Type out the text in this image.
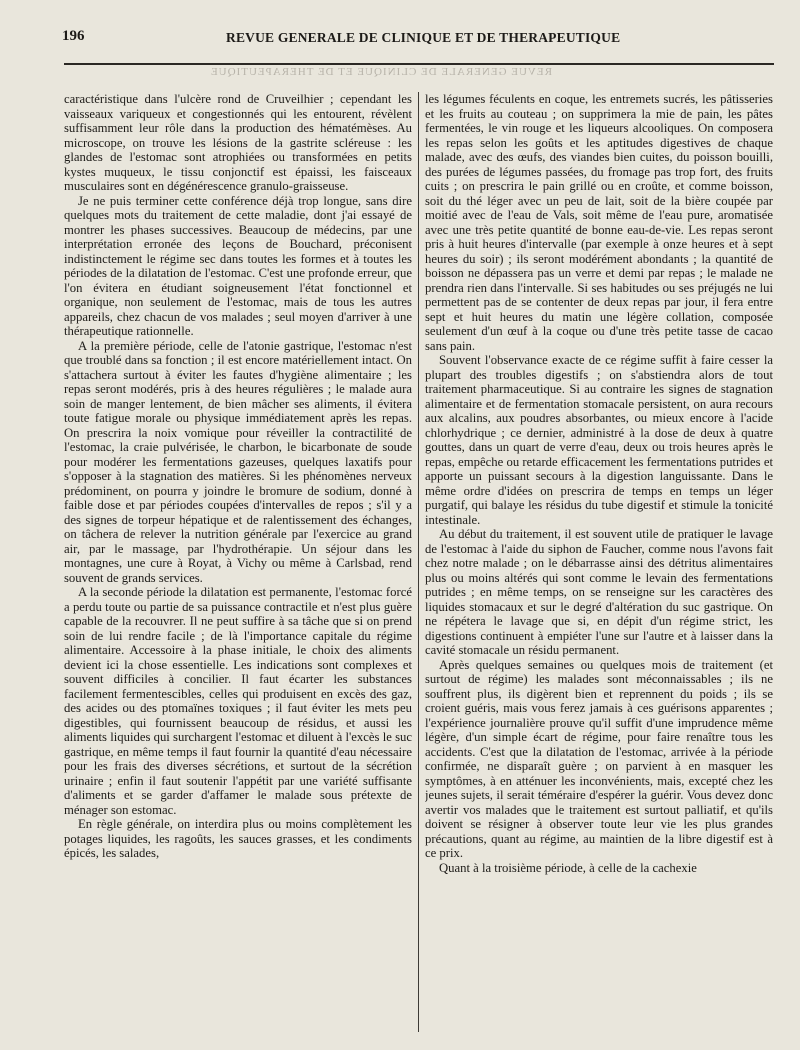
196	REVUE GENERALE DE CLINIQUE ET DE THERAPEUTIQUE
REVUE GENERALE DE CLINIQUE ET DE THERAPEUTIQUE

caractéristique dans l'ulcère rond de Cruveilhier ; cependant les vaisseaux variqueux et congestionnés qui les entourent, révèlent suffisamment leur rôle dans la production des hématémèses. Au microscope, on trouve les lésions de la gastrite scléreuse : les glandes de l'estomac sont atrophiées ou transformées en petits kystes muqueux, le tissu conjonctif est épaissi, les faisceaux musculaires sont en dégénérescence granulo-graisseuse.

Je ne puis terminer cette conférence déjà trop longue, sans dire quelques mots du traitement de cette maladie, dont j'ai essayé de montrer les phases successives. Beaucoup de médecins, par une interprétation erronée des leçons de Bouchard, préconisent indistinctement le régime sec dans toutes les formes et à toutes les périodes de la dilatation de l'estomac. C'est une profonde erreur, que l'on évitera en étudiant soigneusement l'état fonctionnel et organique, non seulement de l'estomac, mais de tous les autres appareils, chez chacun de vos malades ; seul moyen d'arriver à une thérapeutique rationnelle.

A la première période, celle de l'atonie gastrique, l'estomac n'est que troublé dans sa fonction ; il est encore matériellement intact. On s'attachera surtout à éviter les fautes d'hygiène alimentaire ; les repas seront modérés, pris à des heures régulières ; le malade aura soin de manger lentement, de bien mâcher ses aliments, il évitera toute fatigue morale ou physique immédiatement après les repas. On prescrira la noix vomique pour réveiller la contractilité de l'estomac, la craie pulvérisée, le charbon, le bicarbonate de soude pour modérer les fermentations gazeuses, quelques laxatifs pour s'opposer à la stagnation des matières. Si les phénomènes nerveux prédominent, on pourra y joindre le bromure de sodium, donné à faible dose et par périodes coupées d'intervalles de repos ; s'il y a des signes de torpeur hépatique et de ralentissement des échanges, on tâchera de relever la nutrition générale par l'exercice au grand air, par le massage, par l'hydrothérapie. Un séjour dans les montagnes, une cure à Royat, à Vichy ou même à Carlsbad, rend souvent de grands services.

A la seconde période la dilatation est permanente, l'estomac forcé a perdu toute ou partie de sa puissance contractile et n'est plus guère capable de la recouvrer. Il ne peut suffire à sa tâche que si on prend soin de lui rendre facile ; de là l'importance capitale du régime alimentaire. Accessoire à la phase initiale, le choix des aliments devient ici la chose essentielle. Les indications sont complexes et souvent difficiles à concilier. Il faut écarter les substances facilement fermentescibles, celles qui produisent en excès des gaz, des acides ou des ptomaïnes toxiques ; il faut éviter les mets peu digestibles, qui fournissent beaucoup de résidus, et aussi les aliments liquides qui surchargent l'estomac et diluent à l'excès le suc gastrique, en même temps il faut fournir la quantité d'eau nécessaire pour les frais des diverses sécrétions, et surtout de la sécrétion urinaire ; enfin il faut soutenir l'appétit par une variété suffisante d'aliments et se garder d'affamer le malade sous prétexte de ménager son estomac.

En règle générale, on interdira plus ou moins complètement les potages liquides, les ragoûts, les sauces grasses, et les condiments épicés, les salades,

les légumes féculents en coque, les entremets sucrés, les pâtisseries et les fruits au couteau ; on supprimera la mie de pain, les pâtes fermentées, le vin rouge et les liqueurs alcooliques. On composera les repas selon les goûts et les aptitudes digestives de chaque malade, avec des œufs, des viandes bien cuites, du poisson bouilli, des purées de légumes passées, du fromage pas trop fort, des fruits cuits ; on prescrira le pain grillé ou en croûte, et comme boisson, soit du thé léger avec un peu de lait, soit de la bière coupée par moitié avec de l'eau de Vals, soit même de l'eau pure, aromatisée avec une très petite quantité de bonne eau-de-vie. Les repas seront pris à huit heures d'intervalle (par exemple à onze heures et à sept heures du soir) ; ils seront modérément abondants ; la quantité de boisson ne dépassera pas un verre et demi par repas ; le malade ne prendra rien dans l'intervalle. Si ses habitudes ou ses préjugés ne lui permettent pas de se contenter de deux repas par jour, il fera entre sept et huit heures du matin une légère collation, composée seulement d'un œuf à la coque ou d'une très petite tasse de cacao sans pain.

Souvent l'observance exacte de ce régime suffit à faire cesser la plupart des troubles digestifs ; on s'abstiendra alors de tout traitement pharmaceutique. Si au contraire les signes de stagnation alimentaire et de fermentation stomacale persistent, on aura recours aux alcalins, aux poudres absorbantes, ou mieux encore à l'acide chlorhydrique ; ce dernier, administré à la dose de deux à quatre gouttes, dans un quart de verre d'eau, deux ou trois heures après le repas, empêche ou retarde efficacement les fermentations putrides et apporte un puissant secours à la digestion languissante. Dans le même ordre d'idées on prescrira de temps en temps un léger purgatif, qui balaye les résidus du tube digestif et stimule la tonicité intestinale.

Au début du traitement, il est souvent utile de pratiquer le lavage de l'estomac à l'aide du siphon de Faucher, comme nous l'avons fait chez notre malade ; on le débarrasse ainsi des détritus alimentaires plus ou moins altérés qui sont comme le levain des fermentations putrides ; en même temps, on se renseigne sur les caractères des liquides stomacaux et sur le degré d'altération du suc gastrique. On ne répétera le lavage que si, en dépit d'un régime strict, les digestions continuent à empiéter l'une sur l'autre et à laisser dans la cavité stomacale un résidu permanent.

Après quelques semaines ou quelques mois de traitement (et surtout de régime) les malades sont méconnaissables ; ils ne souffrent plus, ils digèrent bien et reprennent du poids ; ils se croient guéris, mais vous ferez jamais à ces guérisons apparentes ; l'expérience journalière prouve qu'il suffit d'une imprudence même légère, d'un simple écart de régime, pour faire renaître tous les accidents. C'est que la dilatation de l'estomac, arrivée à la période confirmée, ne disparaît guère ; on parvient à en masquer les symptômes, à en atténuer les inconvénients, mais, excepté chez les jeunes sujets, il serait téméraire d'espérer la guérir. Vous devez donc avertir vos malades que le traitement est surtout palliatif, et qu'ils doivent se résigner à observer toute leur vie les plus grandes précautions, quant au régime, au maintien de la libre digestif est à ce prix.

Quant à la troisième période, à celle de la cachexie
